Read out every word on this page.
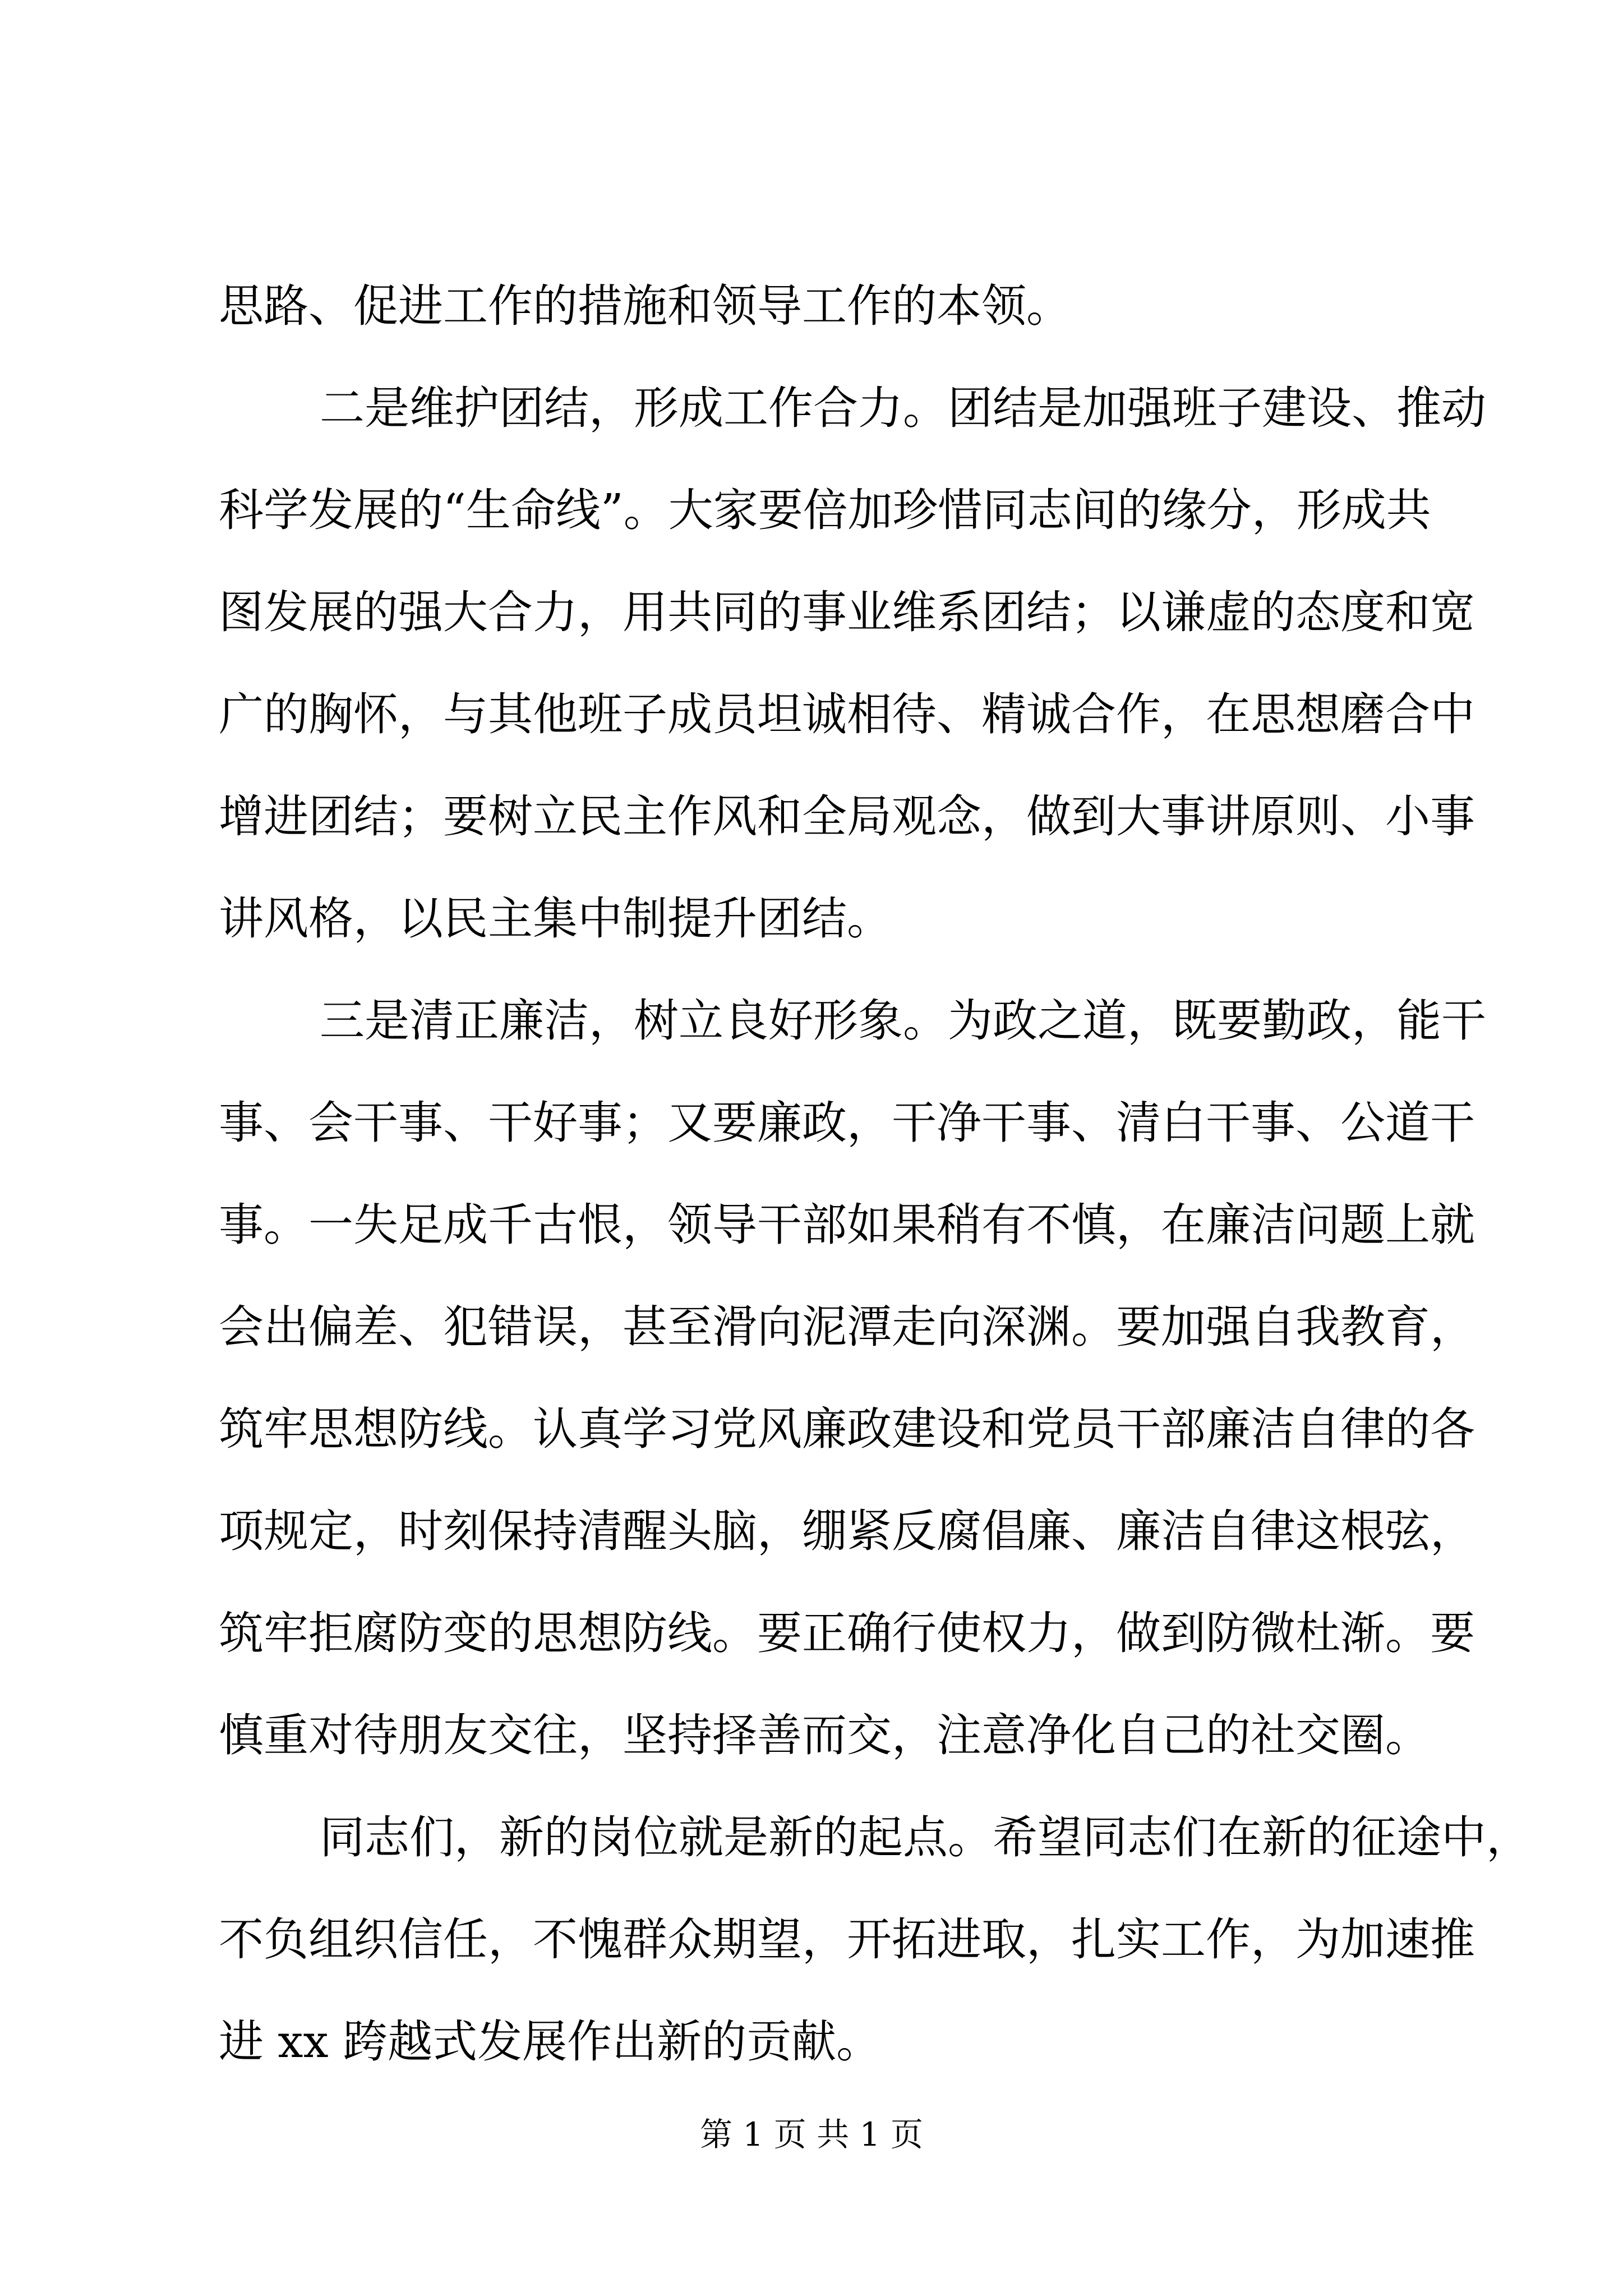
思路、促进工作的措施和领导工作的本领。
二是维护团结，形成工作合力。团结是加强班子建设、推动
科学发展的“生命线”。大家要倍加珍惜同志间的缘分，形成共
图发展的强大合力，用共同的事业维系团结；以谦虚的态度和宽
广的胸怀，与其他班子成员坦诚相待、精诚合作，在思想磨合中
增进团结；要树立民主作风和全局观念，做到大事讲原则、小事
讲风格，以民主集中制提升团结。
三是清正廉洁，树立良好形象。为政之道，既要勤政，能干
事、会干事、干好事；又要廉政，干净干事、清白干事、公道干
事。一失足成千古恨，领导干部如果稍有不慎，在廉洁问题上就
会出偏差、犯错误，甚至滑向泥潭走向深渊。要加强自我教育，
筑牢思想防线。认真学习党风廉政建设和党员干部廉洁自律的各
项规定，时刻保持清醒头脑，绷紧反腐倡廉、廉洁自律这根弦，
筑牢拒腐防变的思想防线。要正确行使权力，做到防微杜渐。要
慎重对待朋友交往，坚持择善而交，注意净化自己的社交圈。
同志们，新的岗位就是新的起点。希望同志们在新的征途中，
不负组织信任，不愧群众期望，开拓进取，扎实工作，为加速推
进 xx 跨越式发展作出新的贡献。
第 1 页 共 1 页
